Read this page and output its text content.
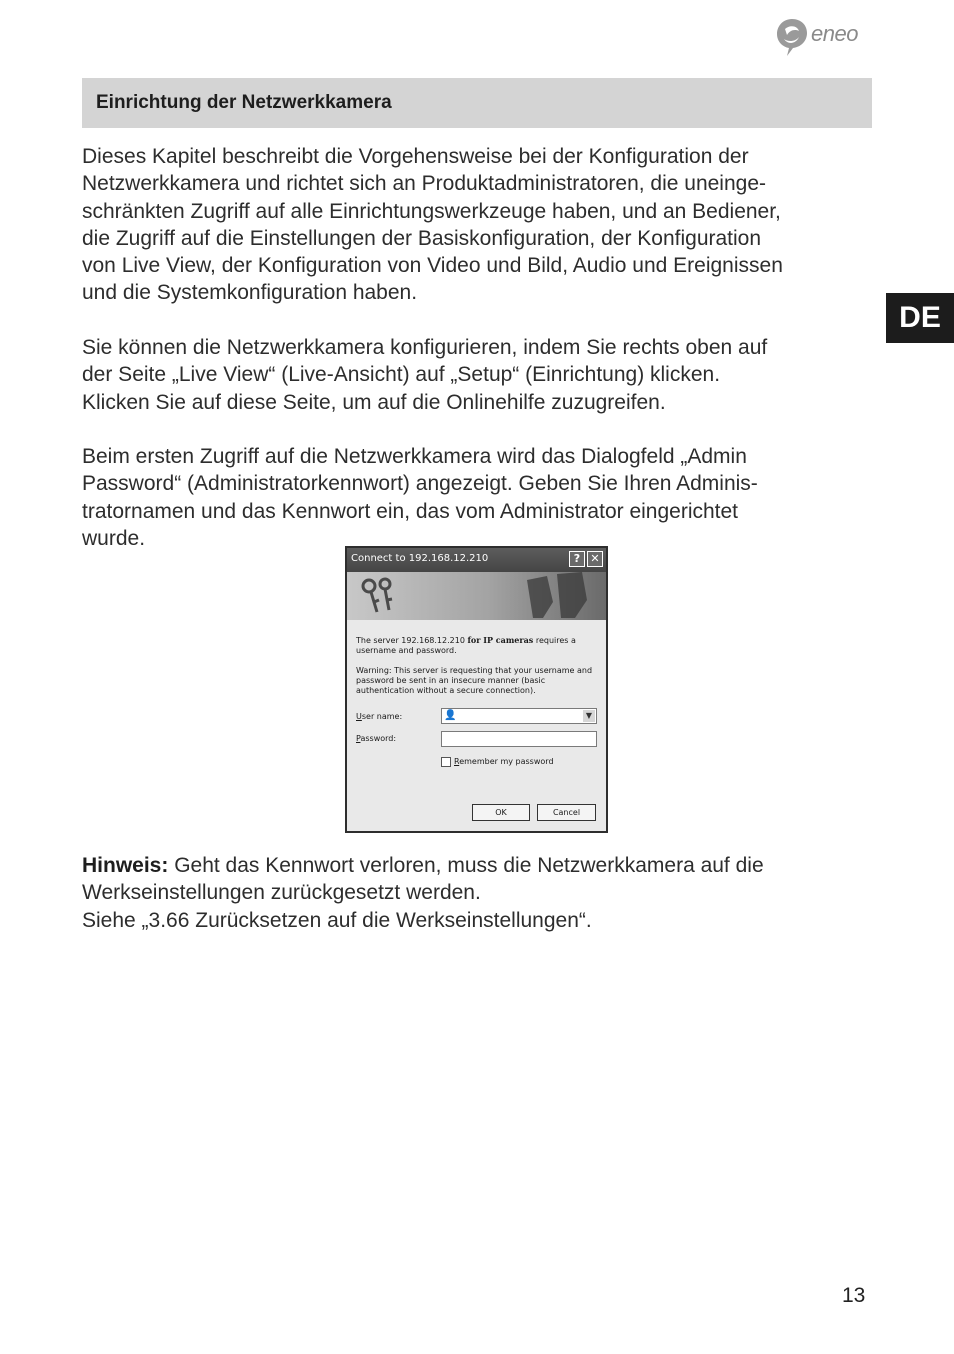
eneo
Einrichtung der Netzwerkkamera
DE

Dieses Kapitel beschreibt die Vorgehensweise bei der Konfiguration der
Netzwerkkamera und richtet sich an Produktadministratoren, die uneinge-
schränkten Zugriff auf alle Einrichtungswerkzeuge haben, und an Bediener,
die Zugriff auf die Einstellungen der Basiskonfiguration, der Konfiguration
von Live View, der Konfiguration von Video und Bild, Audio und Ereignissen
und die Systemkonfiguration haben.

Sie können die Netzwerkkamera konfigurieren, indem Sie rechts oben auf
der Seite „Live View“ (Live-Ansicht) auf „Setup“ (Einrichtung) klicken.
Klicken Sie auf diese Seite, um auf die Onlinehilfe zuzugreifen.

Beim ersten Zugriff auf die Netzwerkkamera wird das Dialogfeld „Admin
Password“ (Administratorkennwort) angezeigt. Geben Sie Ihren Adminis-
tratornamen und das Kennwort ein, das vom Administrator eingerichtet
wurde.

Connect to 192.168.12.210	? ✕
The server 192.168.12.210 for IP cameras requires a username and password.
Warning: This server is requesting that your username and password be sent in an insecure manner (basic authentication without a secure connection).
User name:	👤	▼
Password:
Remember my password
OK	Cancel

Hinweis: Geht das Kennwort verloren, muss die Netzwerkkamera auf die
Werkseinstellungen zurückgesetzt werden.
Siehe „3.66 Zurücksetzen auf die Werkseinstellungen“.

13
